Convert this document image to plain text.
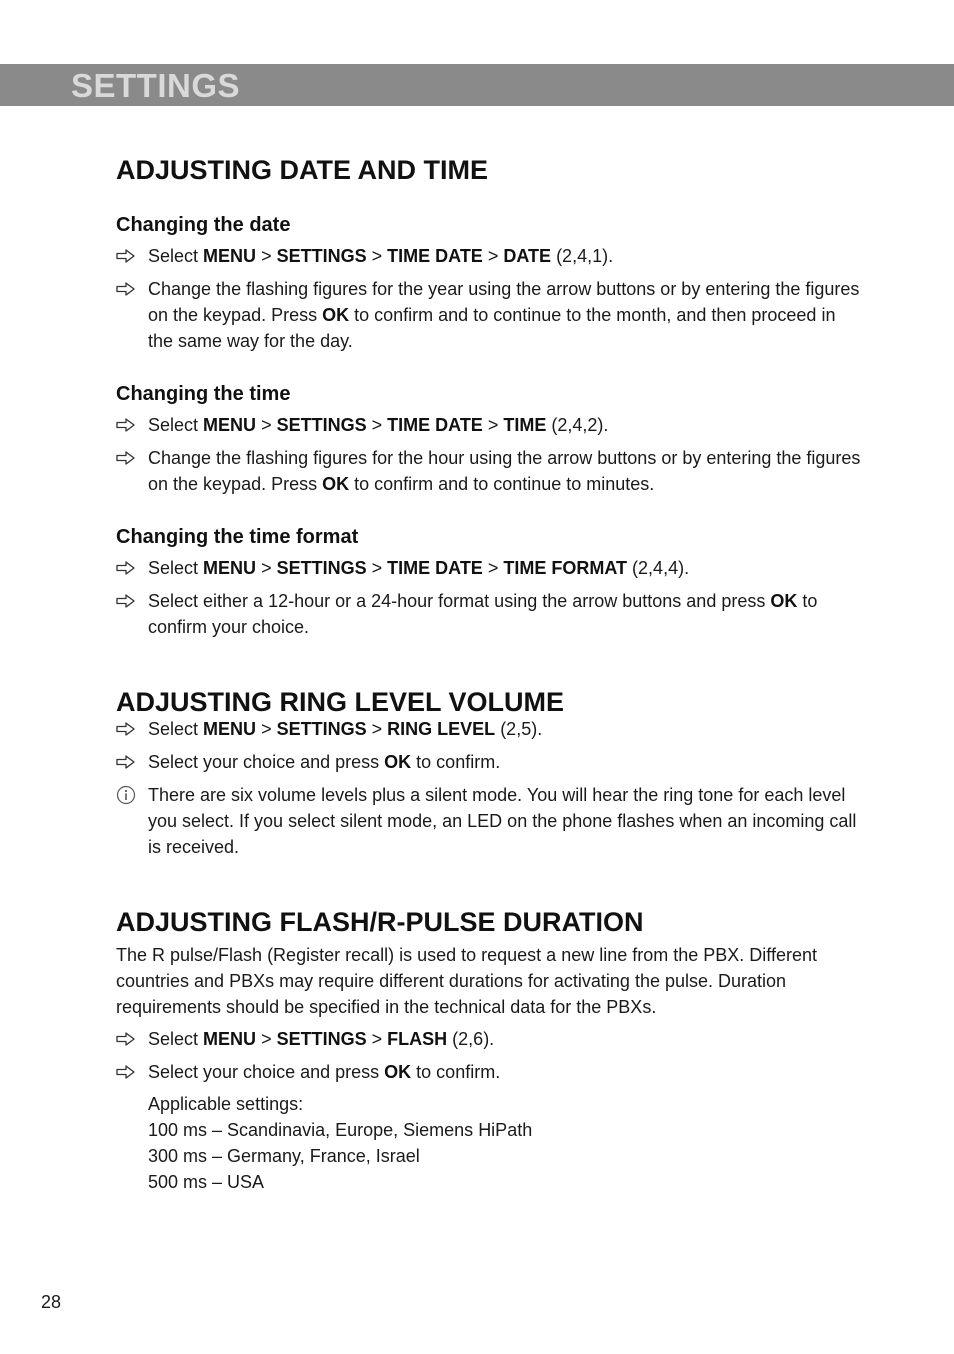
SETTINGS
ADJUSTING DATE AND TIME
Changing the date

Select MENU > SETTINGS > TIME DATE > DATE (2,4,1).

Change the flashing figures for the year using the arrow buttons or by entering the figures on the keypad. Press OK to confirm and to continue to the month, and then proceed in the same way for the day.

Changing the time

Select MENU > SETTINGS > TIME DATE > TIME (2,4,2).

Change the flashing figures for the hour using the arrow buttons or by entering the figures on the keypad. Press OK to confirm and to continue to minutes.

Changing the time format

Select MENU > SETTINGS > TIME DATE > TIME FORMAT (2,4,4).

Select either a 12-hour or a 24-hour format using the arrow buttons and press OK to confirm your choice.

ADJUSTING RING LEVEL VOLUME

Select MENU > SETTINGS > RING LEVEL (2,5).

Select your choice and press OK to confirm.

There are six volume levels plus a silent mode. You will hear the ring tone for each level you select. If you select silent mode, an LED on the phone flashes when an incoming call is received.

ADJUSTING FLASH/R-PULSE DURATION

The R pulse/Flash (Register recall) is used to request a new line from the PBX. Different countries and PBXs may require different durations for activating the pulse. Duration requirements should be specified in the technical data for the PBXs.

Select MENU > SETTINGS > FLASH (2,6).

Select your choice and press OK to confirm.

Applicable settings:

100 ms – Scandinavia, Europe, Siemens HiPath

300 ms – Germany, France, Israel

500 ms – USA

28
